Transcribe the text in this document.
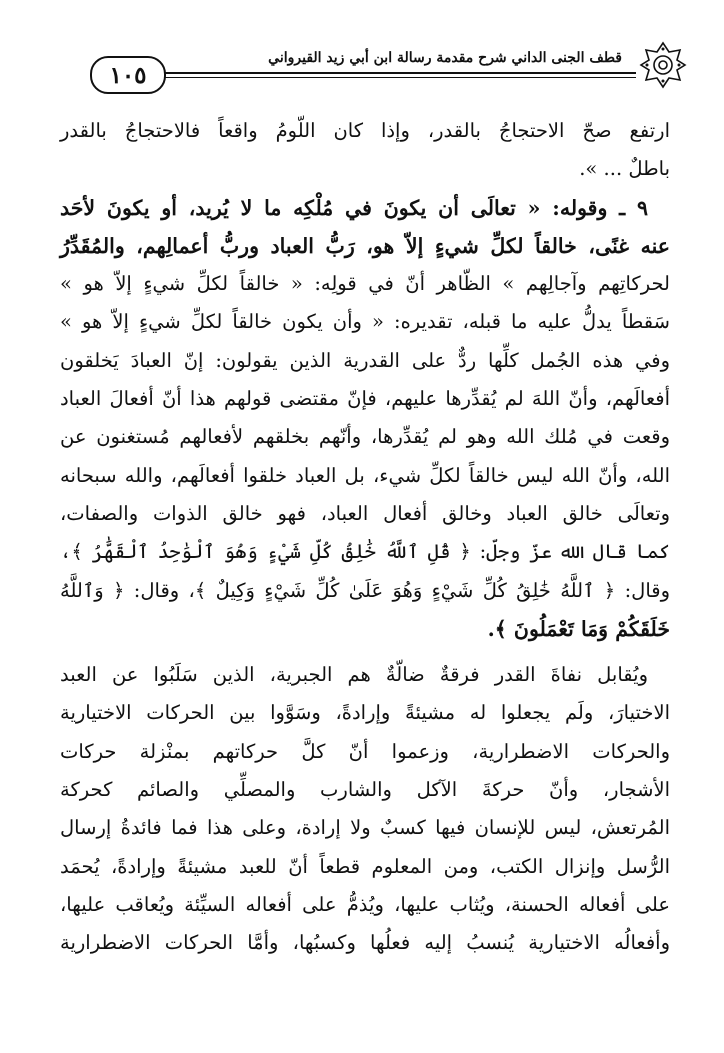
قطف الجنى الداني شرح مقدمة رسالة ابن أبي زيد القيرواني
١٠٥
ارتفع صحّ الاحتجاجُ بالقدر، وإذا كان اللّومُ واقعاً فالاحتجاجُ بالقدر
باطلٌ ... ».
٩ ـ وقوله: « تعالَى أن يكونَ في مُلْكِه ما لا يُريد، أو يكونَ لأحَد
عنه غنًى، خالقاً لكلِّ شيءٍ إلاّ هو، رَبُّ العباد وربُّ أعمالِهم، والمُقَدِّرُ
لحركاتِهم وآجالِهم » الظّاهر أنّ في قولِه: « خالقاً لكلِّ شيءٍ إلاّ هو »
سَقطاً يدلُّ عليه ما قبله، تقديره: « وأن يكون خالقاً لكلِّ شيءٍ إلاّ هو »
وفي هذه الجُمل كلِّها ردٌّ على القدرية الذين يقولون: إنّ العبادَ يَخلقون
أفعالَهم، وأنّ اللهَ لم يُقدِّرها عليهم، فإنّ مقتضى قولهم هذا أنّ أفعالَ العباد
وقعت في مُلك الله وهو لم يُقدِّرها، وأنّهم بخلقهم لأفعالهم مُستغنون عن
الله، وأنّ الله ليس خالقاً لكلِّ شيء، بل العباد خلقوا أفعالَهم، والله سبحانه
وتعالَى خالق العباد وخالق أفعال العباد، فهو خالق الذوات والصفات،
كما قال الله عزّ وجلّ: ﴿ قُلِ ٱللَّهُ خَٰلِقُ كُلِّ شَيْءٍ وَهُوَ ٱلْوَٰحِدُ ٱلْقَهَّٰرُ ﴾،
وقال: ﴿ ٱللَّهُ خَٰلِقُ كُلِّ شَيْءٍ وَهُوَ عَلَىٰ كُلِّ شَيْءٍ وَكِيلٌ ﴾، وقال: ﴿ وَٱللَّهُ
خَلَقَكُمْ وَمَا تَعْمَلُونَ ﴾.
ويُقابل نفاةَ القدر فرقةٌ ضالّةٌ هم الجبرية، الذين سَلَبُوا عن العبد
الاختيارَ، ولَم يجعلوا له مشيئةً وإرادةً، وسَوَّوا بين الحركات الاختيارية
والحركات الاضطرارية، وزعموا أنّ كلَّ حركاتهم بمنْزلة حركات
الأشجار، وأنّ حركةَ الآكل والشارب والمصلِّي والصائم كحركة
المُرتعش، ليس للإنسان فيها كسبٌ ولا إرادة، وعلى هذا فما فائدةُ إرسال
الرُّسل وإنزال الكتب، ومن المعلوم قطعاً أنّ للعبد مشيئةً وإرادةً، يُحمَد
على أفعاله الحسنة، ويُثاب عليها، ويُذمُّ على أفعاله السيِّئة ويُعاقب عليها،
وأفعالُه الاختيارية يُنسبُ إليه فعلُها وكسبُها، وأمَّا الحركات الاضطرارية
